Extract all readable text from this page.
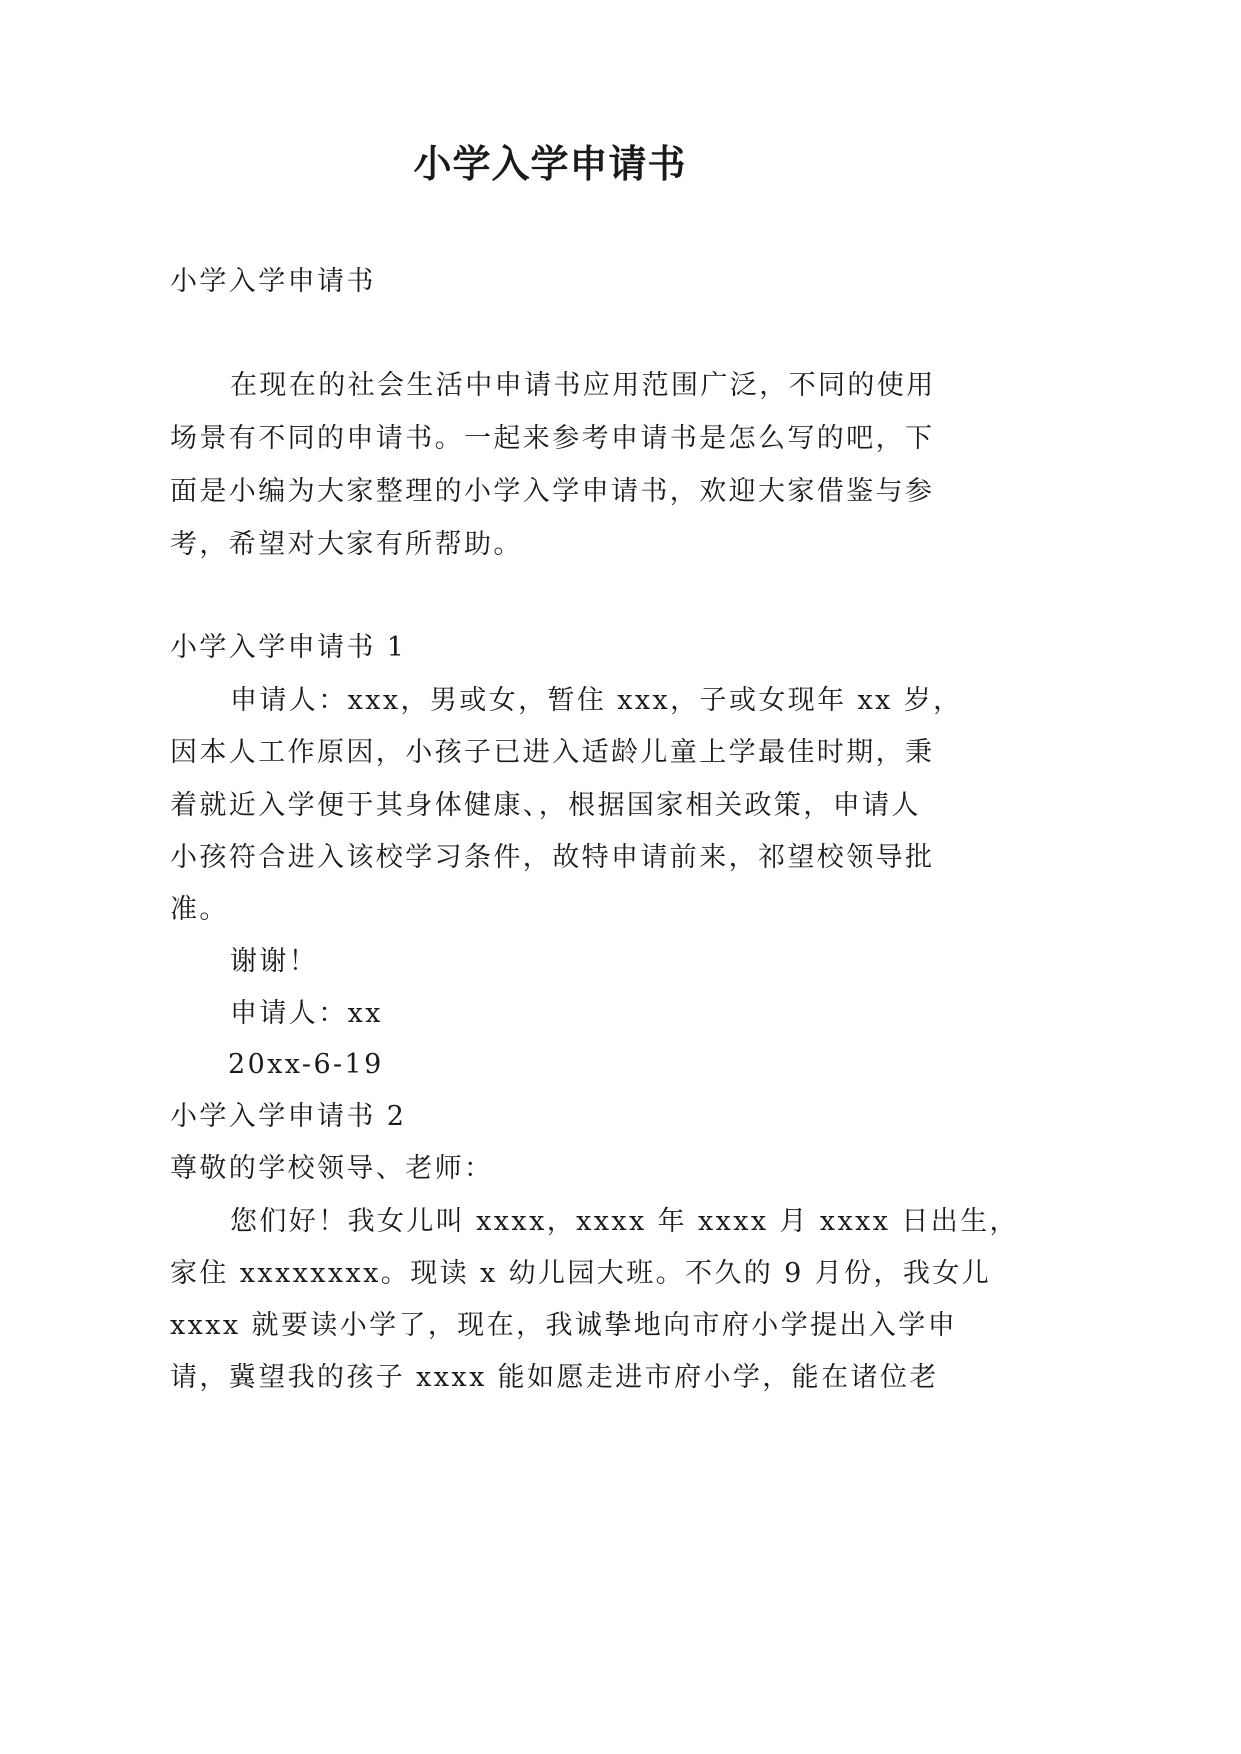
小学入学申请书
小学入学申请书
在现在的社会生活中申请书应用范围广泛，不同的使用
场景有不同的申请书。一起来参考申请书是怎么写的吧，下
面是小编为大家整理的小学入学申请书，欢迎大家借鉴与参
考，希望对大家有所帮助。
小学入学申请书 1
申请人：xxx，男或女，暂住 xxx，子或女现年 xx 岁，
因本人工作原因，小孩子已进入适龄儿童上学最佳时期，秉
着就近入学便于其身体健康、，根据国家相关政策，申请人
小孩符合进入该校学习条件，故特申请前来，祁望校领导批
准。
谢谢！
申请人：xx
20xx-6-19
小学入学申请书 2
尊敬的学校领导、老师：
您们好！我女儿叫 xxxx，xxxx 年 xxxx 月 xxxx 日出生，
家住 xxxxxxxx。现读 x 幼儿园大班。不久的 9 月份，我女儿
xxxx 就要读小学了，现在，我诚挚地向市府小学提出入学申
请，冀望我的孩子 xxxx 能如愿走进市府小学，能在诸位老
